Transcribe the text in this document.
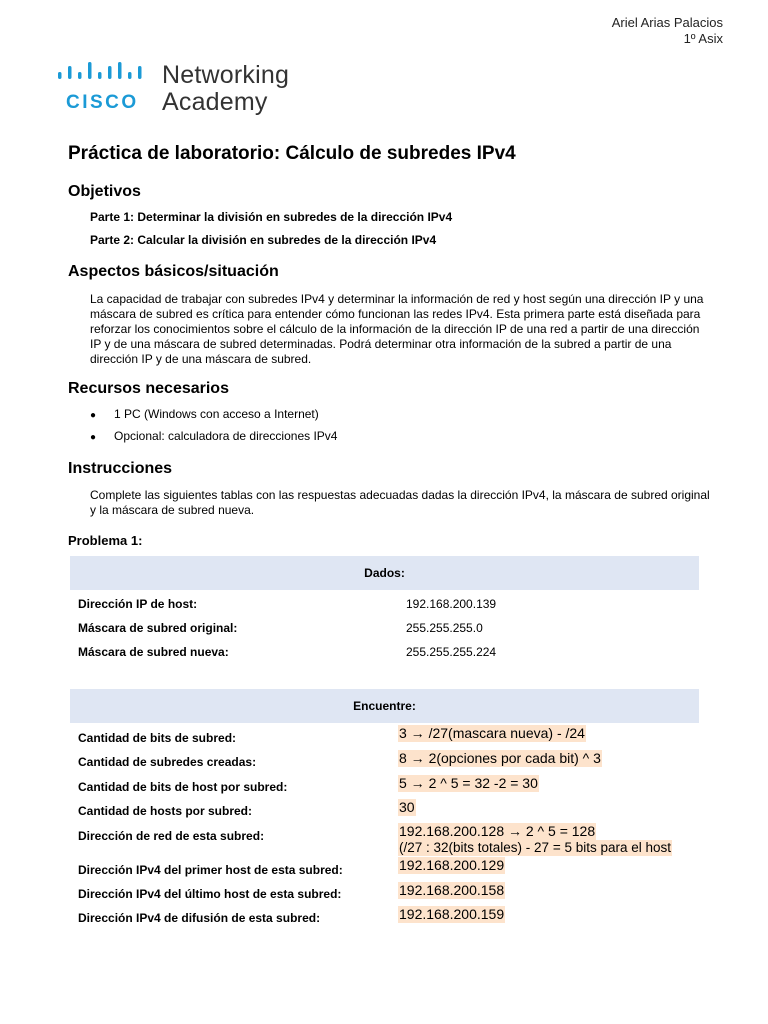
Ariel Arias Palacios
1º Asix
Networking
CISCO Academy
Práctica de laboratorio: Cálculo de subredes IPv4
Objetivos
Parte 1: Determinar la división en subredes de la dirección IPv4
Parte 2: Calcular la división en subredes de la dirección IPv4
Aspectos básicos/situación
La capacidad de trabajar con subredes IPv4 y determinar la información de red y host según una dirección IP y una máscara de subred es crítica para entender cómo funcionan las redes IPv4. Esta primera parte está diseñada para reforzar los conocimientos sobre el cálculo de la información de la dirección IP de una red a partir de una dirección IP y de una máscara de subred determinadas. Podrá determinar otra información de la subred a partir de una dirección IP y de una máscara de subred.
Recursos necesarios
● 1 PC (Windows con acceso a Internet)
● Opcional: calculadora de direcciones IPv4
Instrucciones
Complete las siguientes tablas con las respuestas adecuadas dadas la dirección IPv4, la máscara de subred original y la máscara de subred nueva.
Problema 1:
Dados:
Dirección IP de host:	192.168.200.139
Máscara de subred original:	255.255.255.0
Máscara de subred nueva:	255.255.255.224
Encuentre:
Cantidad de bits de subred:	3 → /27(mascara nueva) - /24
Cantidad de subredes creadas:	8 → 2(opciones por cada bit) ^ 3
Cantidad de bits de host por subred:	5 → 2 ^ 5 = 32 -2 = 30
Cantidad de hosts por subred:	30
Dirección de red de esta subred:	192.168.200.128 → 2 ^ 5 = 128
(/27 : 32(bits totales) - 27 = 5 bits para el host
Dirección IPv4 del primer host de esta subred:	192.168.200.129
Dirección IPv4 del último host de esta subred:	192.168.200.158
Dirección IPv4 de difusión de esta subred:	192.168.200.159
